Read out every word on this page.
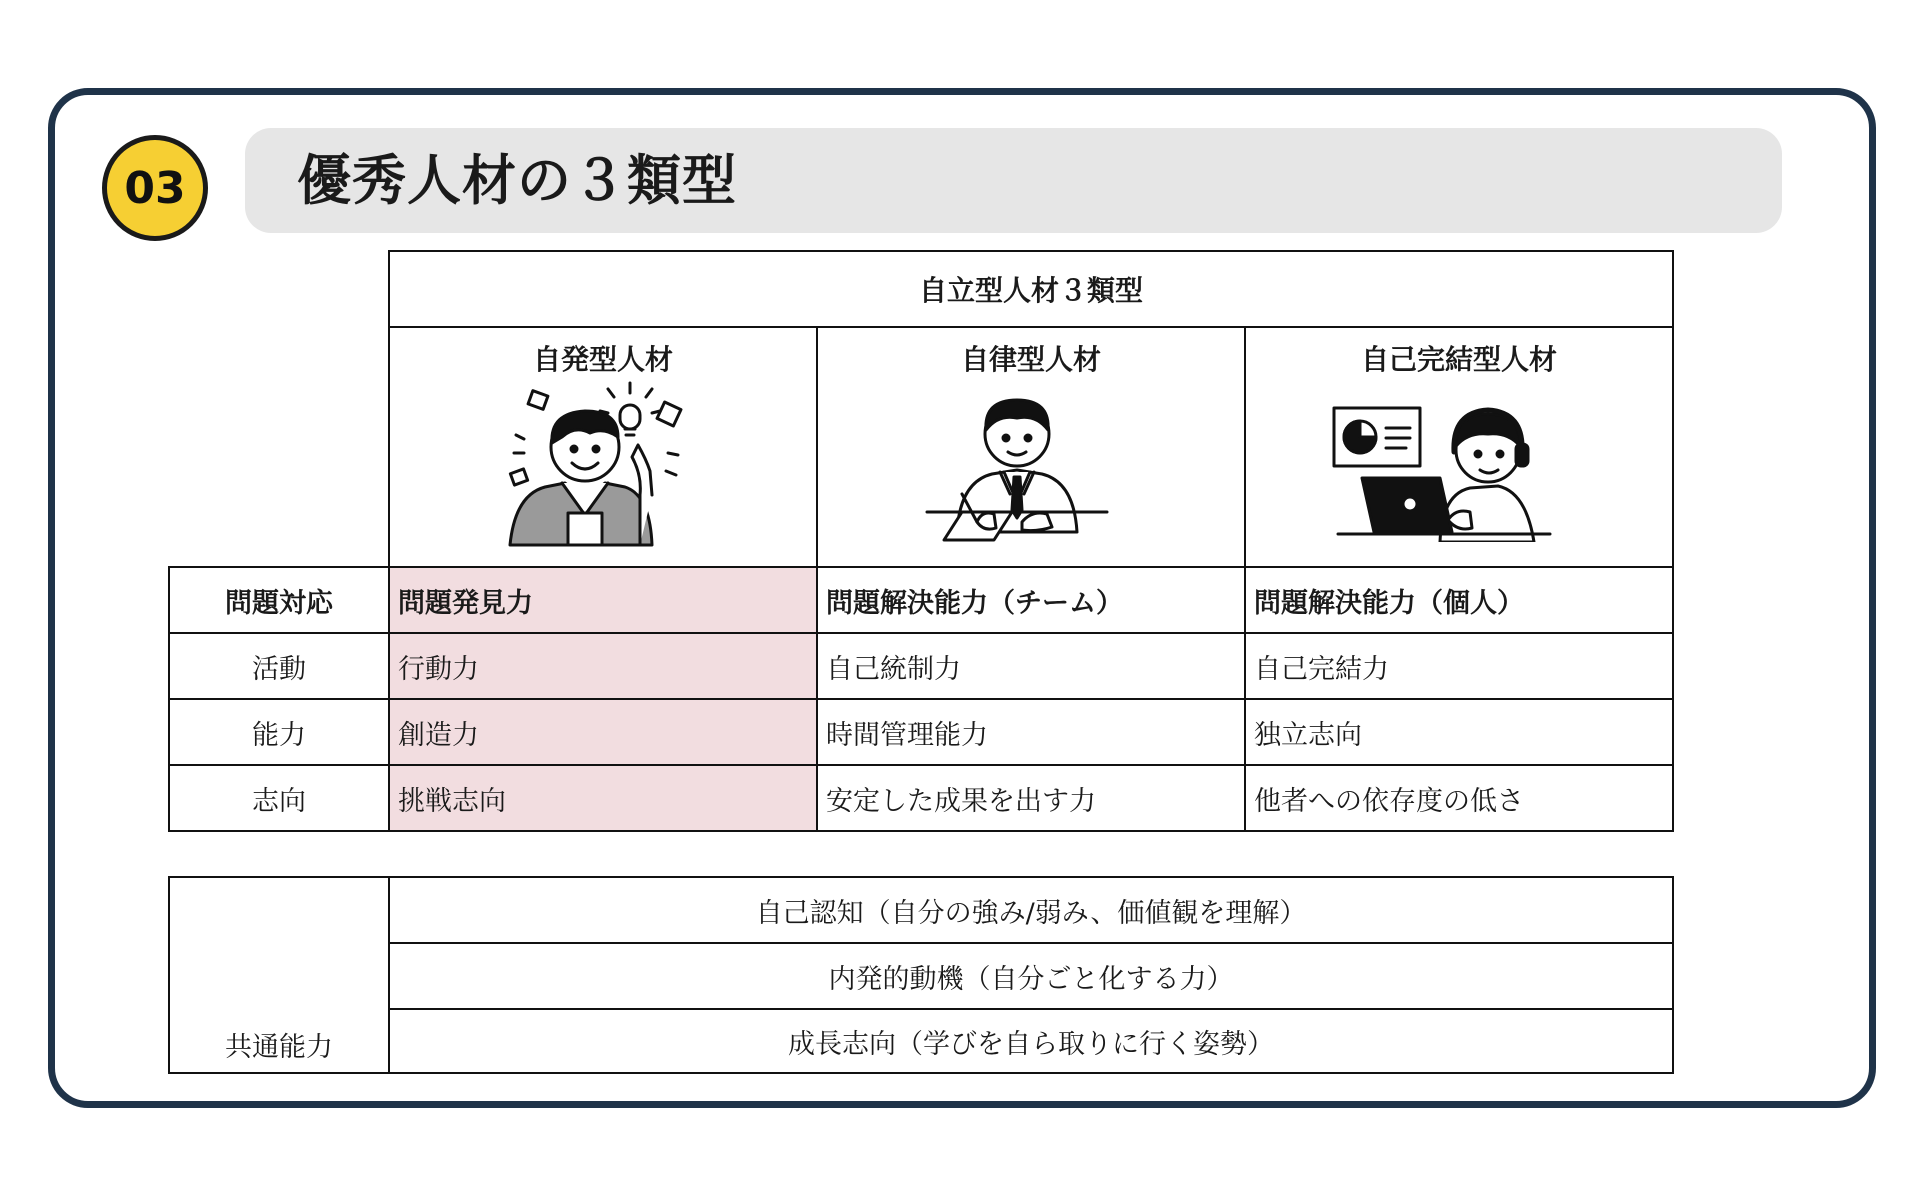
03 優秀人材の３類型
自立型人材３類型
自発型人材	自律型人材	自己完結型人材
問題対応	問題発見力	問題解決能力（チーム）	問題解決能力（個人）
活動	行動力	自己統制力	自己完結力
能力	創造力	時間管理能力	独立志向
志向	挑戦志向	安定した成果を出す力	他者への依存度の低さ
共通能力
自己認知（自分の強み/弱み、価値観を理解）
内発的動機（自分ごと化する力）
成長志向（学びを自ら取りに行く姿勢）
